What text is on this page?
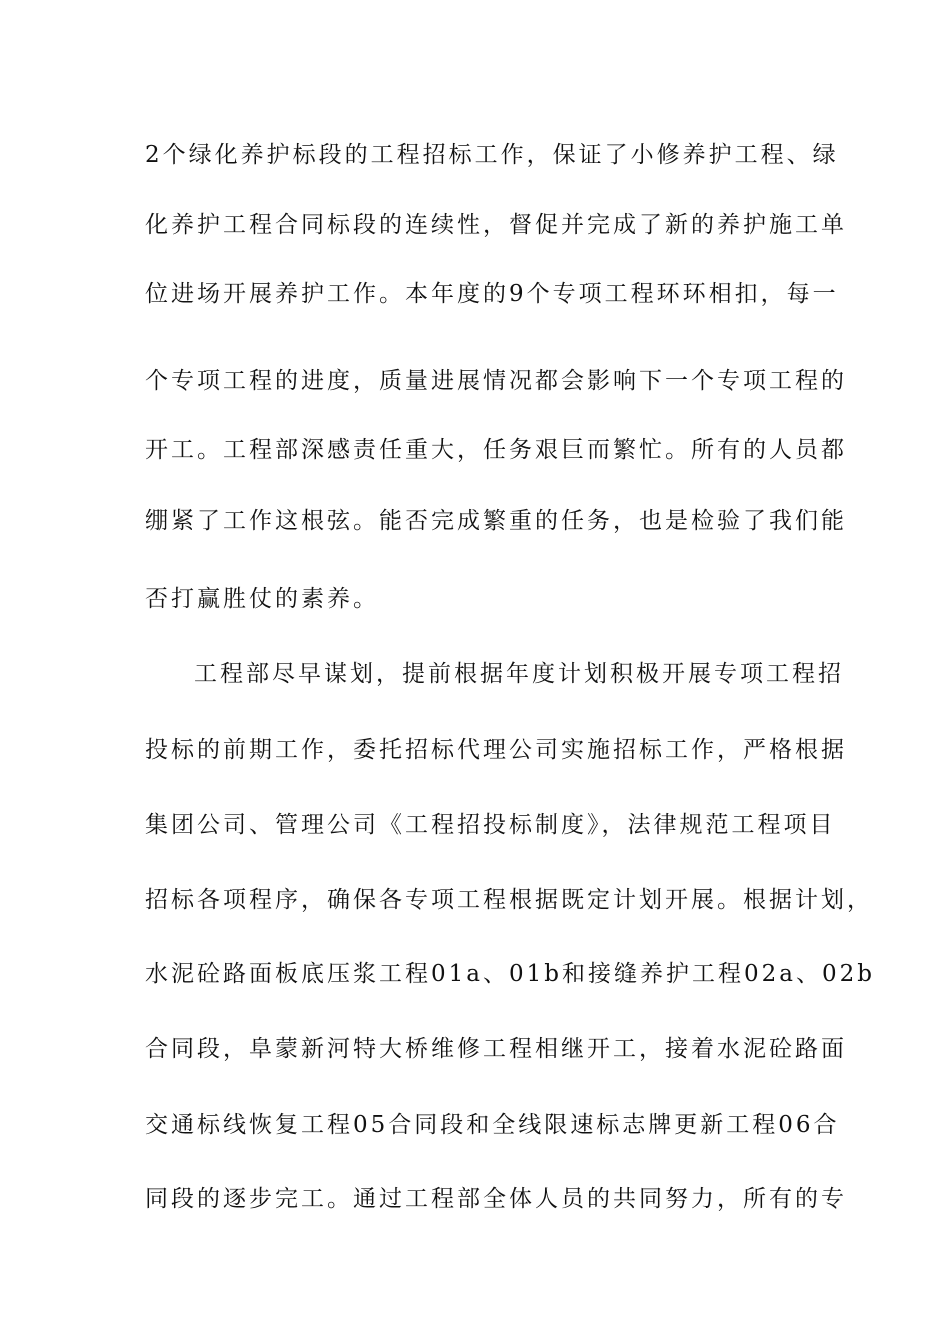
2个绿化养护标段的工程招标工作，保证了小修养护工程、绿

化养护工程合同标段的连续性，督促并完成了新的养护施工单

位进场开展养护工作。本年度的9个专项工程环环相扣，每一

个专项工程的进度，质量进展情况都会影响下一个专项工程的

开工。工程部深感责任重大，任务艰巨而繁忙。所有的人员都

绷紧了工作这根弦。能否完成繁重的任务，也是检验了我们能

否打赢胜仗的素养。

工程部尽早谋划，提前根据年度计划积极开展专项工程招

投标的前期工作，委托招标代理公司实施招标工作，严格根据

集团公司、管理公司《工程招投标制度》，法律规范工程项目

招标各项程序，确保各专项工程根据既定计划开展。根据计划，

水泥砼路面板底压浆工程01a、01b和接缝养护工程02a、02b

合同段，阜蒙新河特大桥维修工程相继开工，接着水泥砼路面

交通标线恢复工程05合同段和全线限速标志牌更新工程06合

同段的逐步完工。通过工程部全体人员的共同努力，所有的专
